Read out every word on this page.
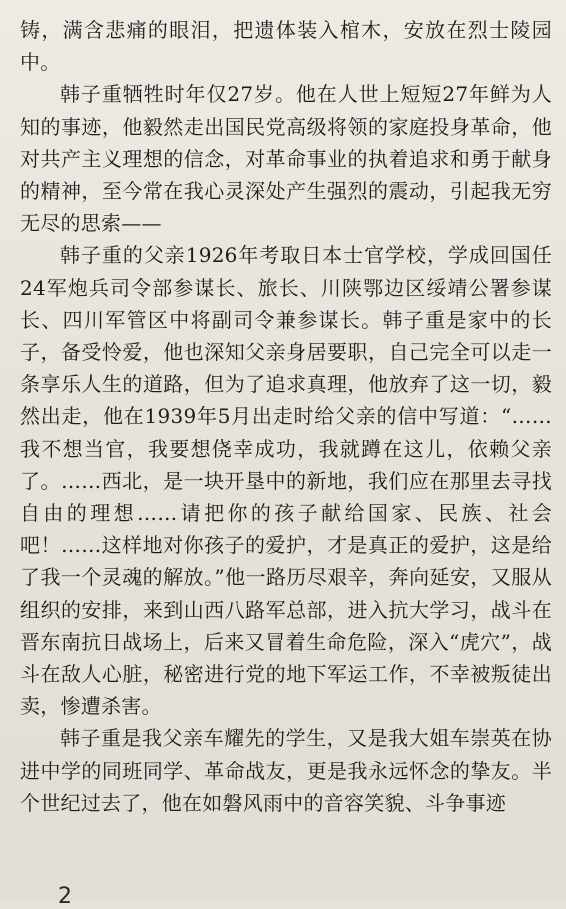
铸，满含悲痛的眼泪，把遗体装入棺木，安放在烈士陵园中。

韩子重牺牲时年仅27岁。他在人世上短短27年鲜为人知的事迹，他毅然走出国民党高级将领的家庭投身革命，他对共产主义理想的信念，对革命事业的执着追求和勇于献身的精神，至今常在我心灵深处产生强烈的震动，引起我无穷无尽的思索——

韩子重的父亲1926年考取日本士官学校，学成回国任24军炮兵司令部参谋长、旅长、川陕鄂边区绥靖公署参谋长、四川军管区中将副司令兼参谋长。韩子重是家中的长子，备受怜爱，他也深知父亲身居要职，自己完全可以走一条享乐人生的道路，但为了追求真理，他放弃了这一切，毅然出走，他在1939年5月出走时给父亲的信中写道：“……我不想当官，我要想侥幸成功，我就蹲在这儿，依赖父亲了。……西北，是一块开垦中的新地，我们应在那里去寻找自由的理想……请把你的孩子献给国家、民族、社会吧！……这样地对你孩子的爱护，才是真正的爱护，这是给了我一个灵魂的解放。”他一路历尽艰辛，奔向延安，又服从组织的安排，来到山西八路军总部，进入抗大学习，战斗在晋东南抗日战场上，后来又冒着生命危险，深入“虎穴”，战斗在敌人心脏，秘密进行党的地下军运工作，不幸被叛徒出卖，惨遭杀害。

韩子重是我父亲车耀先的学生，又是我大姐车崇英在协进中学的同班同学、革命战友，更是我永远怀念的挚友。半个世纪过去了，他在如磐风雨中的音容笑貌、斗争事迹

2
